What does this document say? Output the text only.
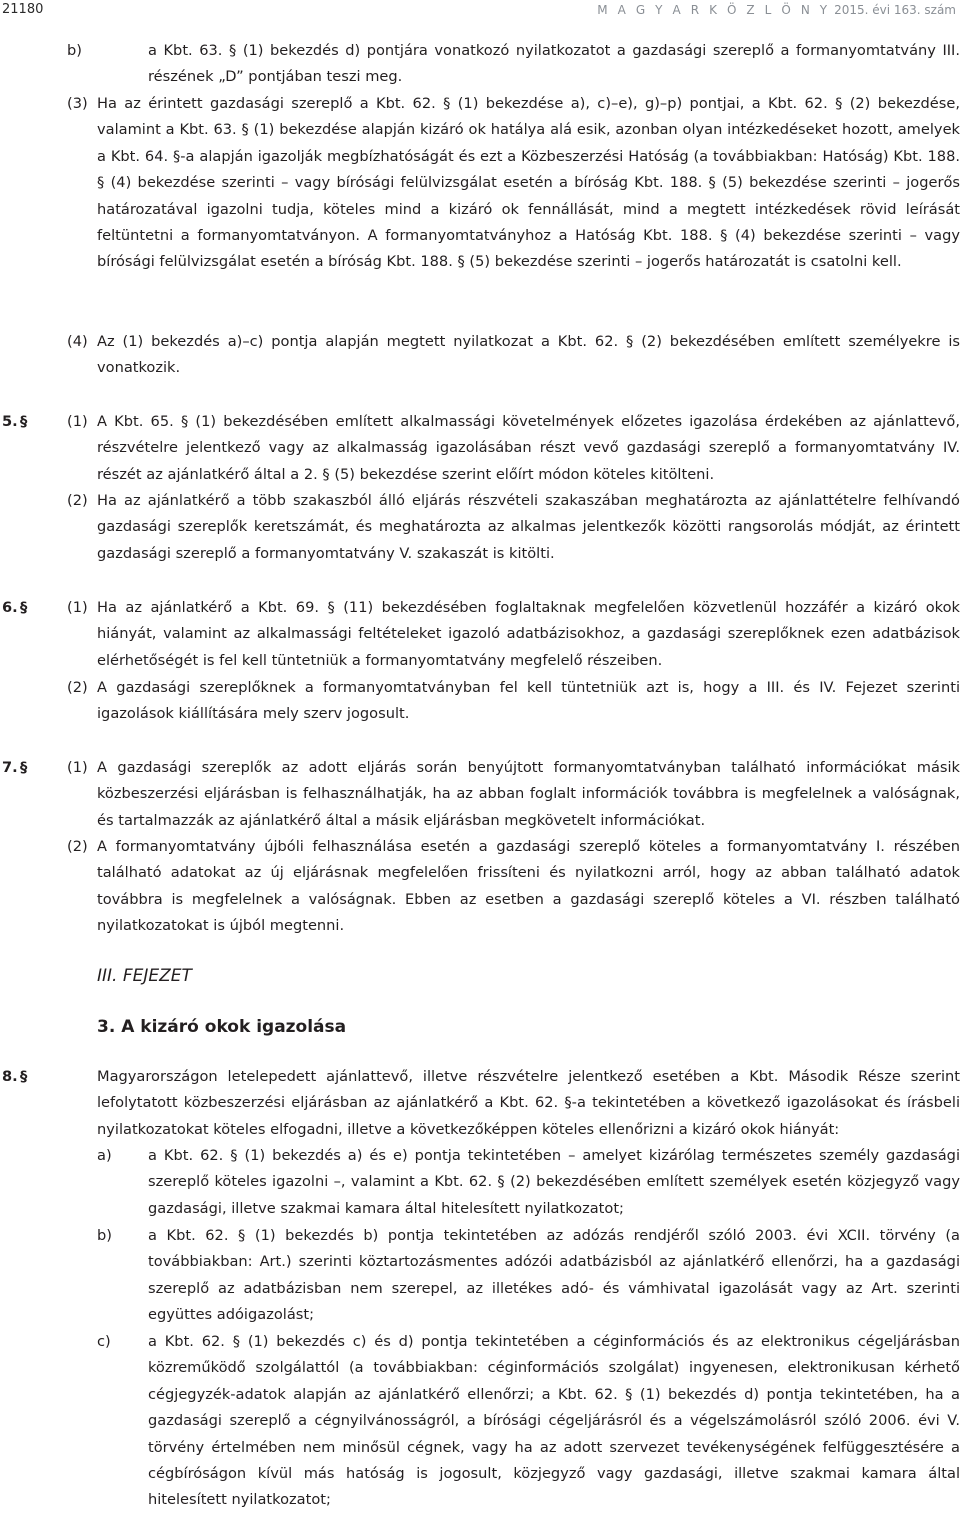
21180	M A G Y A R K Ö Z L Ö N Y 2015. évi 163. szám
b)	a Kbt. 63. § (1) bekezdés d) pontjára vonatkozó nyilatkozatot a gazdasági szereplő a formanyomtatvány III. részének „D” pontjában teszi meg.
(3) Ha az érintett gazdasági szereplő a Kbt. 62. § (1) bekezdése a), c)–e), g)–p) pontjai, a Kbt. 62. § (2) bekezdése, valamint a Kbt. 63. § (1) bekezdése alapján kizáró ok hatálya alá esik, azonban olyan intézkedéseket hozott, amelyek a Kbt. 64. §-a alapján igazolják megbízhatóságát és ezt a Közbeszerzési Hatóság (a továbbiakban: Hatóság) Kbt. 188. § (4) bekezdése szerinti – vagy bírósági felülvizsgálat esetén a bíróság Kbt. 188. § (5) bekezdése szerinti – jogerős határozatával igazolni tudja, köteles mind a kizáró ok fennállását, mind a megtett intézkedések rövid leírását feltüntetni a formanyomtatványon. A formanyomtatványhoz a Hatóság Kbt. 188. § (4) bekezdése szerinti – vagy bírósági felülvizsgálat esetén a bíróság Kbt. 188. § (5) bekezdése szerinti – jogerős határozatát is csatolni kell.
(4) Az (1) bekezdés a)–c) pontja alapján megtett nyilatkozat a Kbt. 62. § (2) bekezdésében említett személyekre is vonatkozik.
5. §	(1) A Kbt. 65. § (1) bekezdésében említett alkalmassági követelmények előzetes igazolása érdekében az ajánlattevő, részvételre jelentkező vagy az alkalmasság igazolásában részt vevő gazdasági szereplő a formanyomtatvány IV. részét az ajánlatkérő által a 2. § (5) bekezdése szerint előírt módon köteles kitölteni.
(2) Ha az ajánlatkérő a több szakaszból álló eljárás részvételi szakaszában meghatározta az ajánlattételre felhívandó gazdasági szereplők keretszámát, és meghatározta az alkalmas jelentkezők közötti rangsorolás módját, az érintett gazdasági szereplő a formanyomtatvány V. szakaszát is kitölti.
6. §	(1) Ha az ajánlatkérő a Kbt. 69. § (11) bekezdésében foglaltaknak megfelelően közvetlenül hozzáfér a kizáró okok hiányát, valamint az alkalmassági feltételeket igazoló adatbázisokhoz, a gazdasági szereplőknek ezen adatbázisok elérhetőségét is fel kell tüntetniük a formanyomtatvány megfelelő részeiben.
(2) A gazdasági szereplőknek a formanyomtatványban fel kell tüntetniük azt is, hogy a III. és IV. Fejezet szerinti igazolások kiállítására mely szerv jogosult.
7. §	(1) A gazdasági szereplők az adott eljárás során benyújtott formanyomtatványban található információkat másik közbeszerzési eljárásban is felhasználhatják, ha az abban foglalt információk továbbra is megfelelnek a valóságnak, és tartalmazzák az ajánlatkérő által a másik eljárásban megkövetelt információkat.
(2) A formanyomtatvány újbóli felhasználása esetén a gazdasági szereplő köteles a formanyomtatvány I. részében található adatokat az új eljárásnak megfelelően frissíteni és nyilatkozni arról, hogy az abban található adatok továbbra is megfelelnek a valóságnak. Ebben az esetben a gazdasági szereplő köteles a VI. részben található nyilatkozatokat is újból megtenni.
III. FEJEZET
3. A kizáró okok igazolása
8. §	Magyarországon letelepedett ajánlattevő, illetve részvételre jelentkező esetében a Kbt. Második Része szerint lefolytatott közbeszerzési eljárásban az ajánlatkérő a Kbt. 62. §-a tekintetében a következő igazolásokat és írásbeli nyilatkozatokat köteles elfogadni, illetve a következőképpen köteles ellenőrizni a kizáró okok hiányát:
a) a Kbt. 62. § (1) bekezdés a) és e) pontja tekintetében – amelyet kizárólag természetes személy gazdasági szereplő köteles igazolni –, valamint a Kbt. 62. § (2) bekezdésében említett személyek esetén közjegyző vagy gazdasági, illetve szakmai kamara által hitelesített nyilatkozatot;
b) a Kbt. 62. § (1) bekezdés b) pontja tekintetében az adózás rendjéről szóló 2003. évi XCII. törvény (a továbbiakban: Art.) szerinti köztartozásmentes adózói adatbázisból az ajánlatkérő ellenőrzi, ha a gazdasági szereplő az adatbázisban nem szerepel, az illetékes adó- és vámhivatal igazolását vagy az Art. szerinti együttes adóigazolást;
c)	a Kbt. 62. § (1) bekezdés c) és d) pontja tekintetében a céginformációs és az elektronikus cégeljárásban közreműködő szolgálattól (a továbbiakban: céginformációs szolgálat) ingyenesen, elektronikusan kérhető cégjegyzék-adatok alapján az ajánlatkérő ellenőrzi; a Kbt. 62. § (1) bekezdés d) pontja tekintetében, ha a gazdasági szereplő a cégnyilvánosságról, a bírósági cégeljárásról és a végelszámolásról szóló 2006. évi V. törvény értelmében nem minősül cégnek, vagy ha az adott szervezet tevékenységének felfüggesztésére a cégbíróságon kívül más hatóság is jogosult, közjegyző vagy gazdasági, illetve szakmai kamara által hitelesített nyilatkozatot;
